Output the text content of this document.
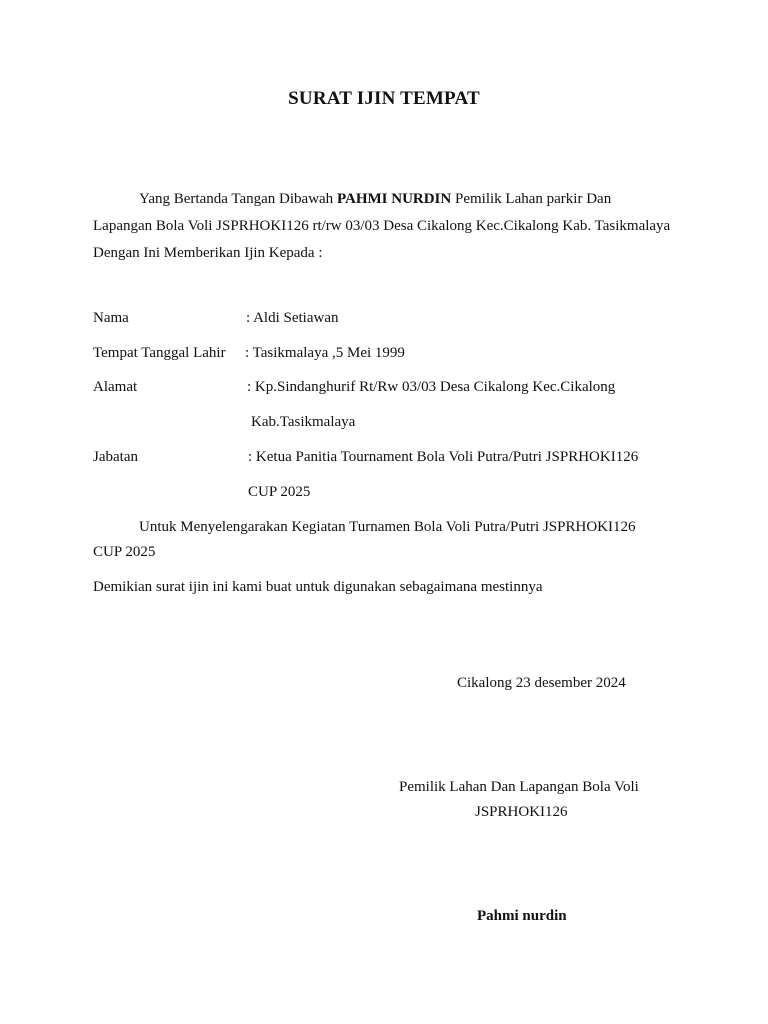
SURAT IJIN TEMPAT

Yang Bertanda Tangan Dibawah PAHMI NURDIN Pemilik Lahan parkir Dan Lapangan Bola Voli JSPRHOKI126 rt/rw 03/03 Desa Cikalong Kec.Cikalong Kab. Tasikmalaya Dengan Ini Memberikan Ijin Kepada :

Nama	: Aldi Setiawan
Tempat Tanggal Lahir : Tasikmalaya ,5 Mei 1999
Alamat	: Kp.Sindanghurif Rt/Rw 03/03 Desa Cikalong Kec.Cikalong
Kab.Tasikmalaya
Jabatan	: Ketua Panitia Tournament Bola Voli Putra/Putri JSPRHOKI126
CUP 2025
Untuk Menyelengarakan Kegiatan Turnamen Bola Voli Putra/Putri JSPRHOKI126
CUP 2025
Demikian surat ijin ini kami buat untuk digunakan sebagaimana mestinnya
Cikalong 23 desember 2024
Pemilik Lahan Dan Lapangan Bola Voli
JSPRHOKI126
Pahmi nurdin
